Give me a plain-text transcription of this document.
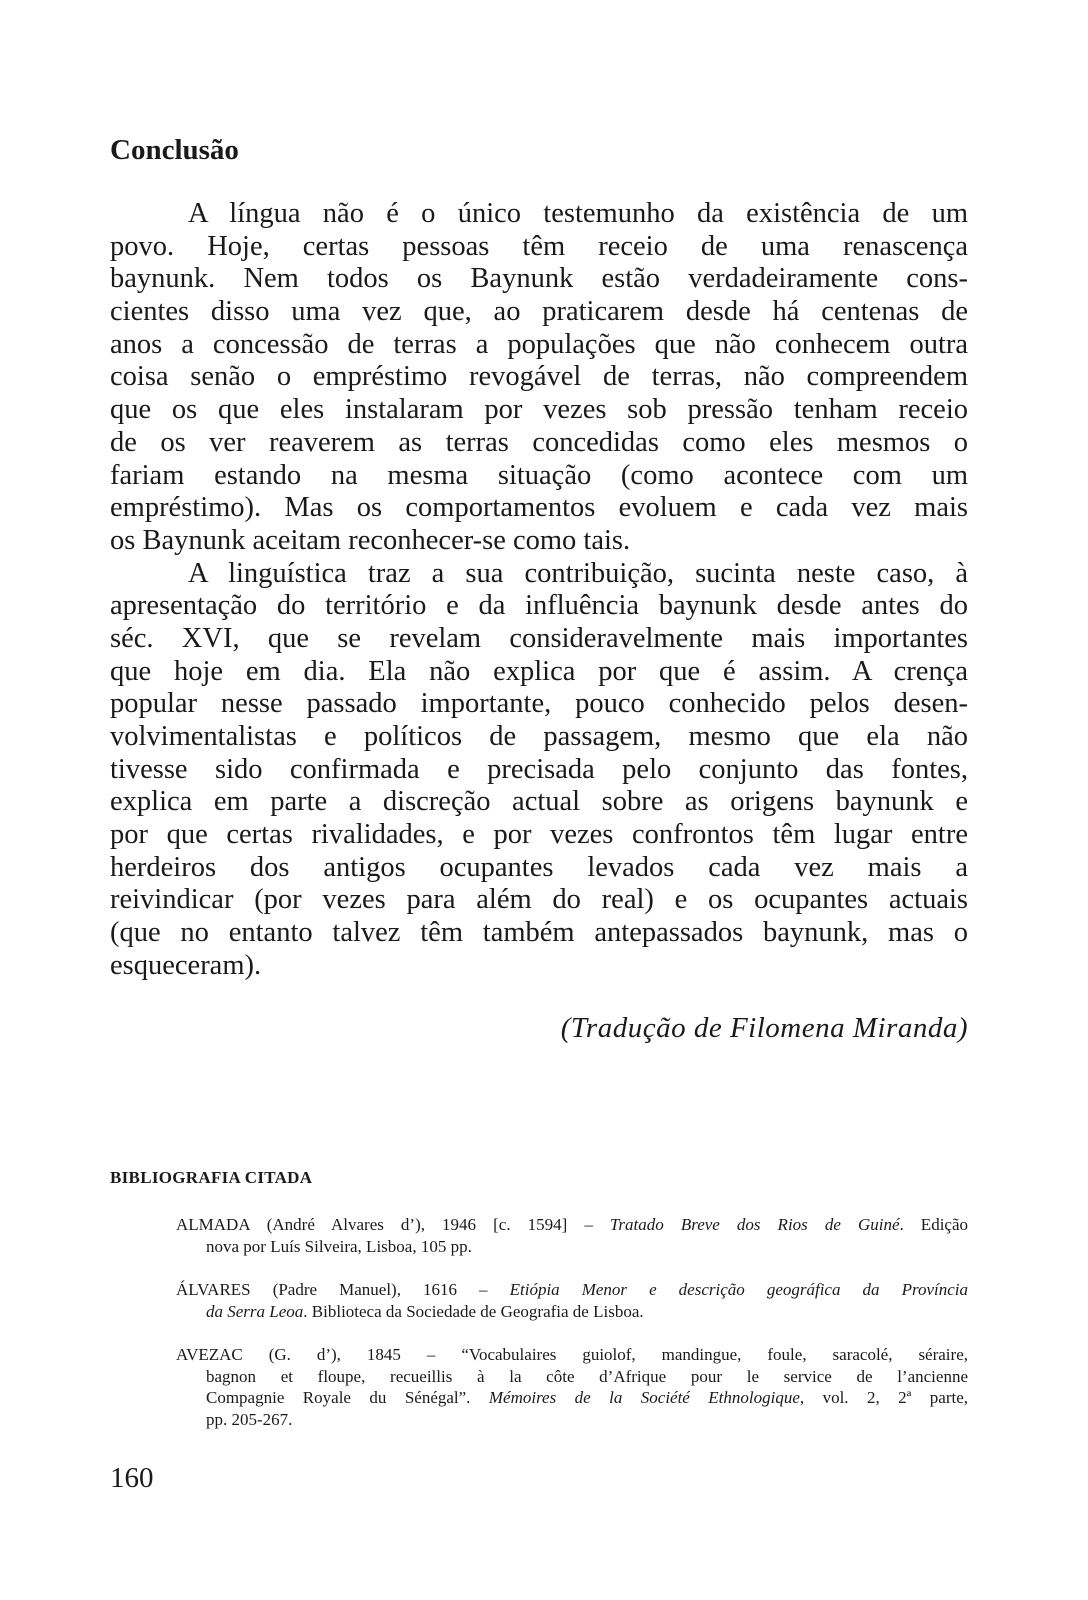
Conclusão
A língua não é o único testemunho da existência de um
povo. Hoje, certas pessoas têm receio de uma renascença
baynunk. Nem todos os Baynunk estão verdadeiramente cons-
cientes disso uma vez que, ao praticarem desde há centenas de
anos a concessão de terras a populações que não conhecem outra
coisa senão o empréstimo revogável de terras, não compreendem
que os que eles instalaram por vezes sob pressão tenham receio
de os ver reaverem as terras concedidas como eles mesmos o
fariam estando na mesma situação (como acontece com um
empréstimo). Mas os comportamentos evoluem e cada vez mais
os Baynunk aceitam reconhecer-se como tais.
A linguística traz a sua contribuição, sucinta neste caso, à
apresentação do território e da influência baynunk desde antes do
séc. XVI, que se revelam consideravelmente mais importantes
que hoje em dia. Ela não explica por que é assim. A crença
popular nesse passado importante, pouco conhecido pelos desen-
volvimentalistas e políticos de passagem, mesmo que ela não
tivesse sido confirmada e precisada pelo conjunto das fontes,
explica em parte a discreção actual sobre as origens baynunk e
por que certas rivalidades, e por vezes confrontos têm lugar entre
herdeiros dos antigos ocupantes levados cada vez mais a
reivindicar (por vezes para além do real) e os ocupantes actuais
(que no entanto talvez têm também antepassados baynunk, mas o
esqueceram).
(Tradução de Filomena Miranda)
BIBLIOGRAFIA CITADA
ALMADA (André Alvares d’), 1946 [c. 1594] – Tratado Breve dos Rios de Guiné. Edição
nova por Luís Silveira, Lisboa, 105 pp.
ÁLVARES (Padre Manuel), 1616 – Etiópia Menor e descrição geográfica da Província
da Serra Leoa. Biblioteca da Sociedade de Geografia de Lisboa.
AVEZAC (G. d’), 1845 – “Vocabulaires guiolof, mandingue, foule, saracolé, séraire,
bagnon et floupe, recueillis à la côte d’Afrique pour le service de l’ancienne
Compagnie Royale du Sénégal”. Mémoires de la Société Ethnologique, vol. 2, 2ª parte,
pp. 205-267.
160
